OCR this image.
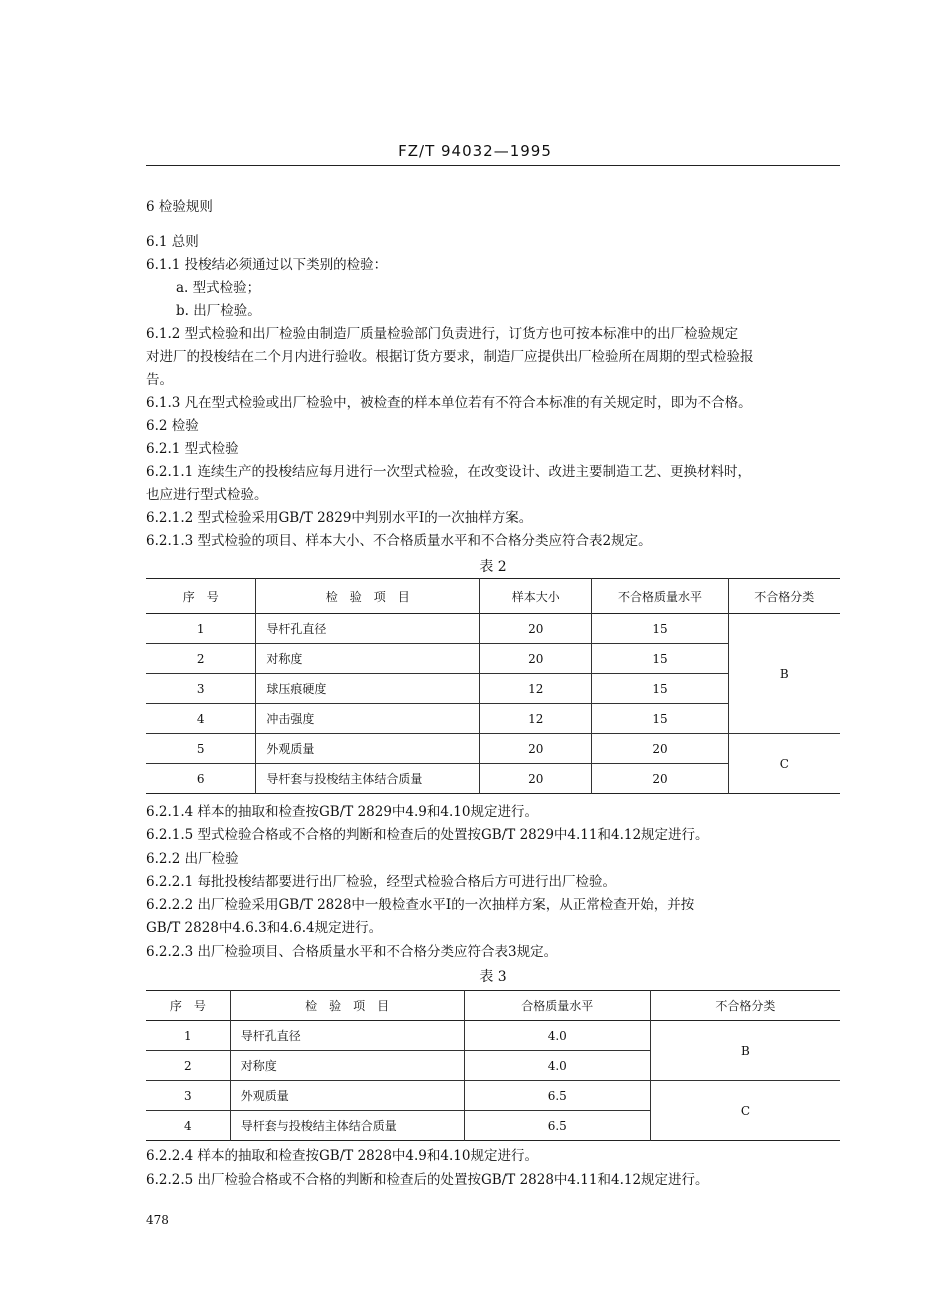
FZ/T 94032—1995
6 检验规则
6.1 总则
6.1.1 投梭结必须通过以下类别的检验：
a. 型式检验；
b. 出厂检验。
6.1.2 型式检验和出厂检验由制造厂质量检验部门负责进行，订货方也可按本标准中的出厂检验规定
对进厂的投梭结在二个月内进行验收。根据订货方要求，制造厂应提供出厂检验所在周期的型式检验报
告。
6.1.3 凡在型式检验或出厂检验中，被检查的样本单位若有不符合本标准的有关规定时，即为不合格。
6.2 检验
6.2.1 型式检验
6.2.1.1 连续生产的投梭结应每月进行一次型式检验，在改变设计、改进主要制造工艺、更换材料时，
也应进行型式检验。
6.2.1.2 型式检验采用GB/T 2829中判别水平Ⅰ的一次抽样方案。
6.2.1.3 型式检验的项目、样本大小、不合格质量水平和不合格分类应符合表2规定。
表 2
序　号	检　验　项　目	样本大小	不合格质量水平	不合格分类
1	导杆孔直径	20	15	B
2	对称度	20	15	
3	球压痕硬度	12	15	
4	冲击强度	12	15	
5	外观质量	20	20	C
6	导杆套与投梭结主体结合质量	20	20	
6.2.1.4 样本的抽取和检查按GB/T 2829中4.9和4.10规定进行。
6.2.1.5 型式检验合格或不合格的判断和检查后的处置按GB/T 2829中4.11和4.12规定进行。
6.2.2 出厂检验
6.2.2.1 每批投梭结都要进行出厂检验，经型式检验合格后方可进行出厂检验。
6.2.2.2 出厂检验采用GB/T 2828中一般检查水平Ⅰ的一次抽样方案，从正常检查开始，并按
GB/T 2828中4.6.3和4.6.4规定进行。
6.2.2.3 出厂检验项目、合格质量水平和不合格分类应符合表3规定。
表 3
序　号	检　验　项　目	合格质量水平	不合格分类
1	导杆孔直径	4.0	B
2	对称度	4.0	
3	外观质量	6.5	C
4	导杆套与投梭结主体结合质量	6.5	
6.2.2.4 样本的抽取和检查按GB/T 2828中4.9和4.10规定进行。
6.2.2.5 出厂检验合格或不合格的判断和检查后的处置按GB/T 2828中4.11和4.12规定进行。
478
